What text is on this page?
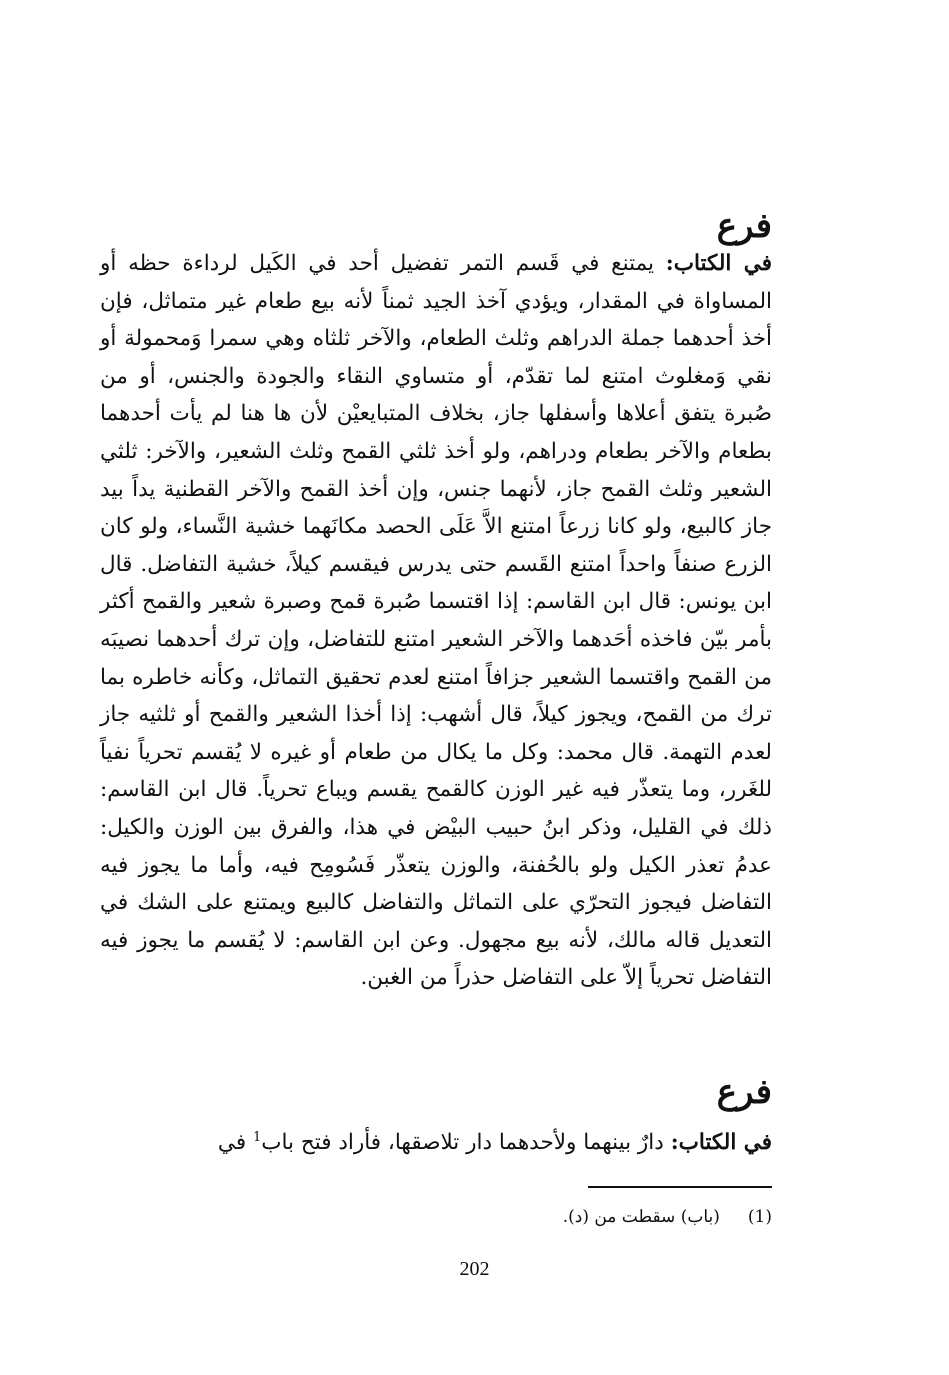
فرع

في الكتاب: يمتنع في قَسم التمر تفضيل أحد في الكَيل لرداءة حظه أو المساواة في المقدار، ويؤدي آخذ الجيد ثمناً لأنه بيع طعام غير متماثل، فإن أخذ أحدهما جملة الدراهم وثلث الطعام، والآخر ثلثاه وهي سمرا وَمحمولة أو نقي وَمغلوث امتنع لما تقدّم، أو متساوي النقاء والجودة والجنس، أو من صُبرة يتفق أعلاها وأسفلها جاز، بخلاف المتبايعيْن لأن ها هنا لم يأت أحدهما بطعام والآخر بطعام ودراهم، ولو أخذ ثلثي القمح وثلث الشعير، والآخر: ثلثي الشعير وثلث القمح جاز، لأنهما جنس، وإن أخذ القمح والآخر القطنية يداً بيد جاز كالبيع، ولو كانا زرعاً امتنع الاَّ عَلَى الحصد مكانَهما خشية النَّساء، ولو كان الزرع صنفاً واحداً امتنع القَسم حتى يدرس فيقسم كيلاً، خشية التفاضل. قال ابن يونس: قال ابن القاسم: إذا اقتسما صُبرة قمح وصبرة شعير والقمح أكثر بأمر بيّن فاخذه أحَدهما والآخر الشعير امتنع للتفاضل، وإن ترك أحدهما نصيبَه من القمح واقتسما الشعير جزافاً امتنع لعدم تحقيق التماثل، وكأنه خاطره بما ترك من القمح، ويجوز كيلاً، قال أشهب: إذا أخذا الشعير والقمح أو ثلثيه جاز لعدم التهمة. قال محمد: وكل ما يكال من طعام أو غيره لا يُقسم تحرياً نفياً للغَرر، وما يتعذّر فيه غير الوزن كالقمح يقسم ويباع تحرياً. قال ابن القاسم: ذلك في القليل، وذكر ابنُ حبيب البيْض في هذا، والفرق بين الوزن والكيل: عدمُ تعذر الكيل ولو بالحُفنة، والوزن يتعذّر فَسُومِح فيه، وأما ما يجوز فيه التفاضل فيجوز التحرّي على التماثل والتفاضل كالبيع ويمتنع على الشك في التعديل قاله مالك، لأنه بيع مجهول. وعن ابن القاسم: لا يُقسم ما يجوز فيه التفاضل تحرياً إلاّ على التفاضل حذراً من الغبن.

فرع

في الكتاب: دارٌ بينهما ولأحدهما دار تلاصقها، فأراد فتح باب$^1$ في

(1)(باب) سقطت من (د).
202
